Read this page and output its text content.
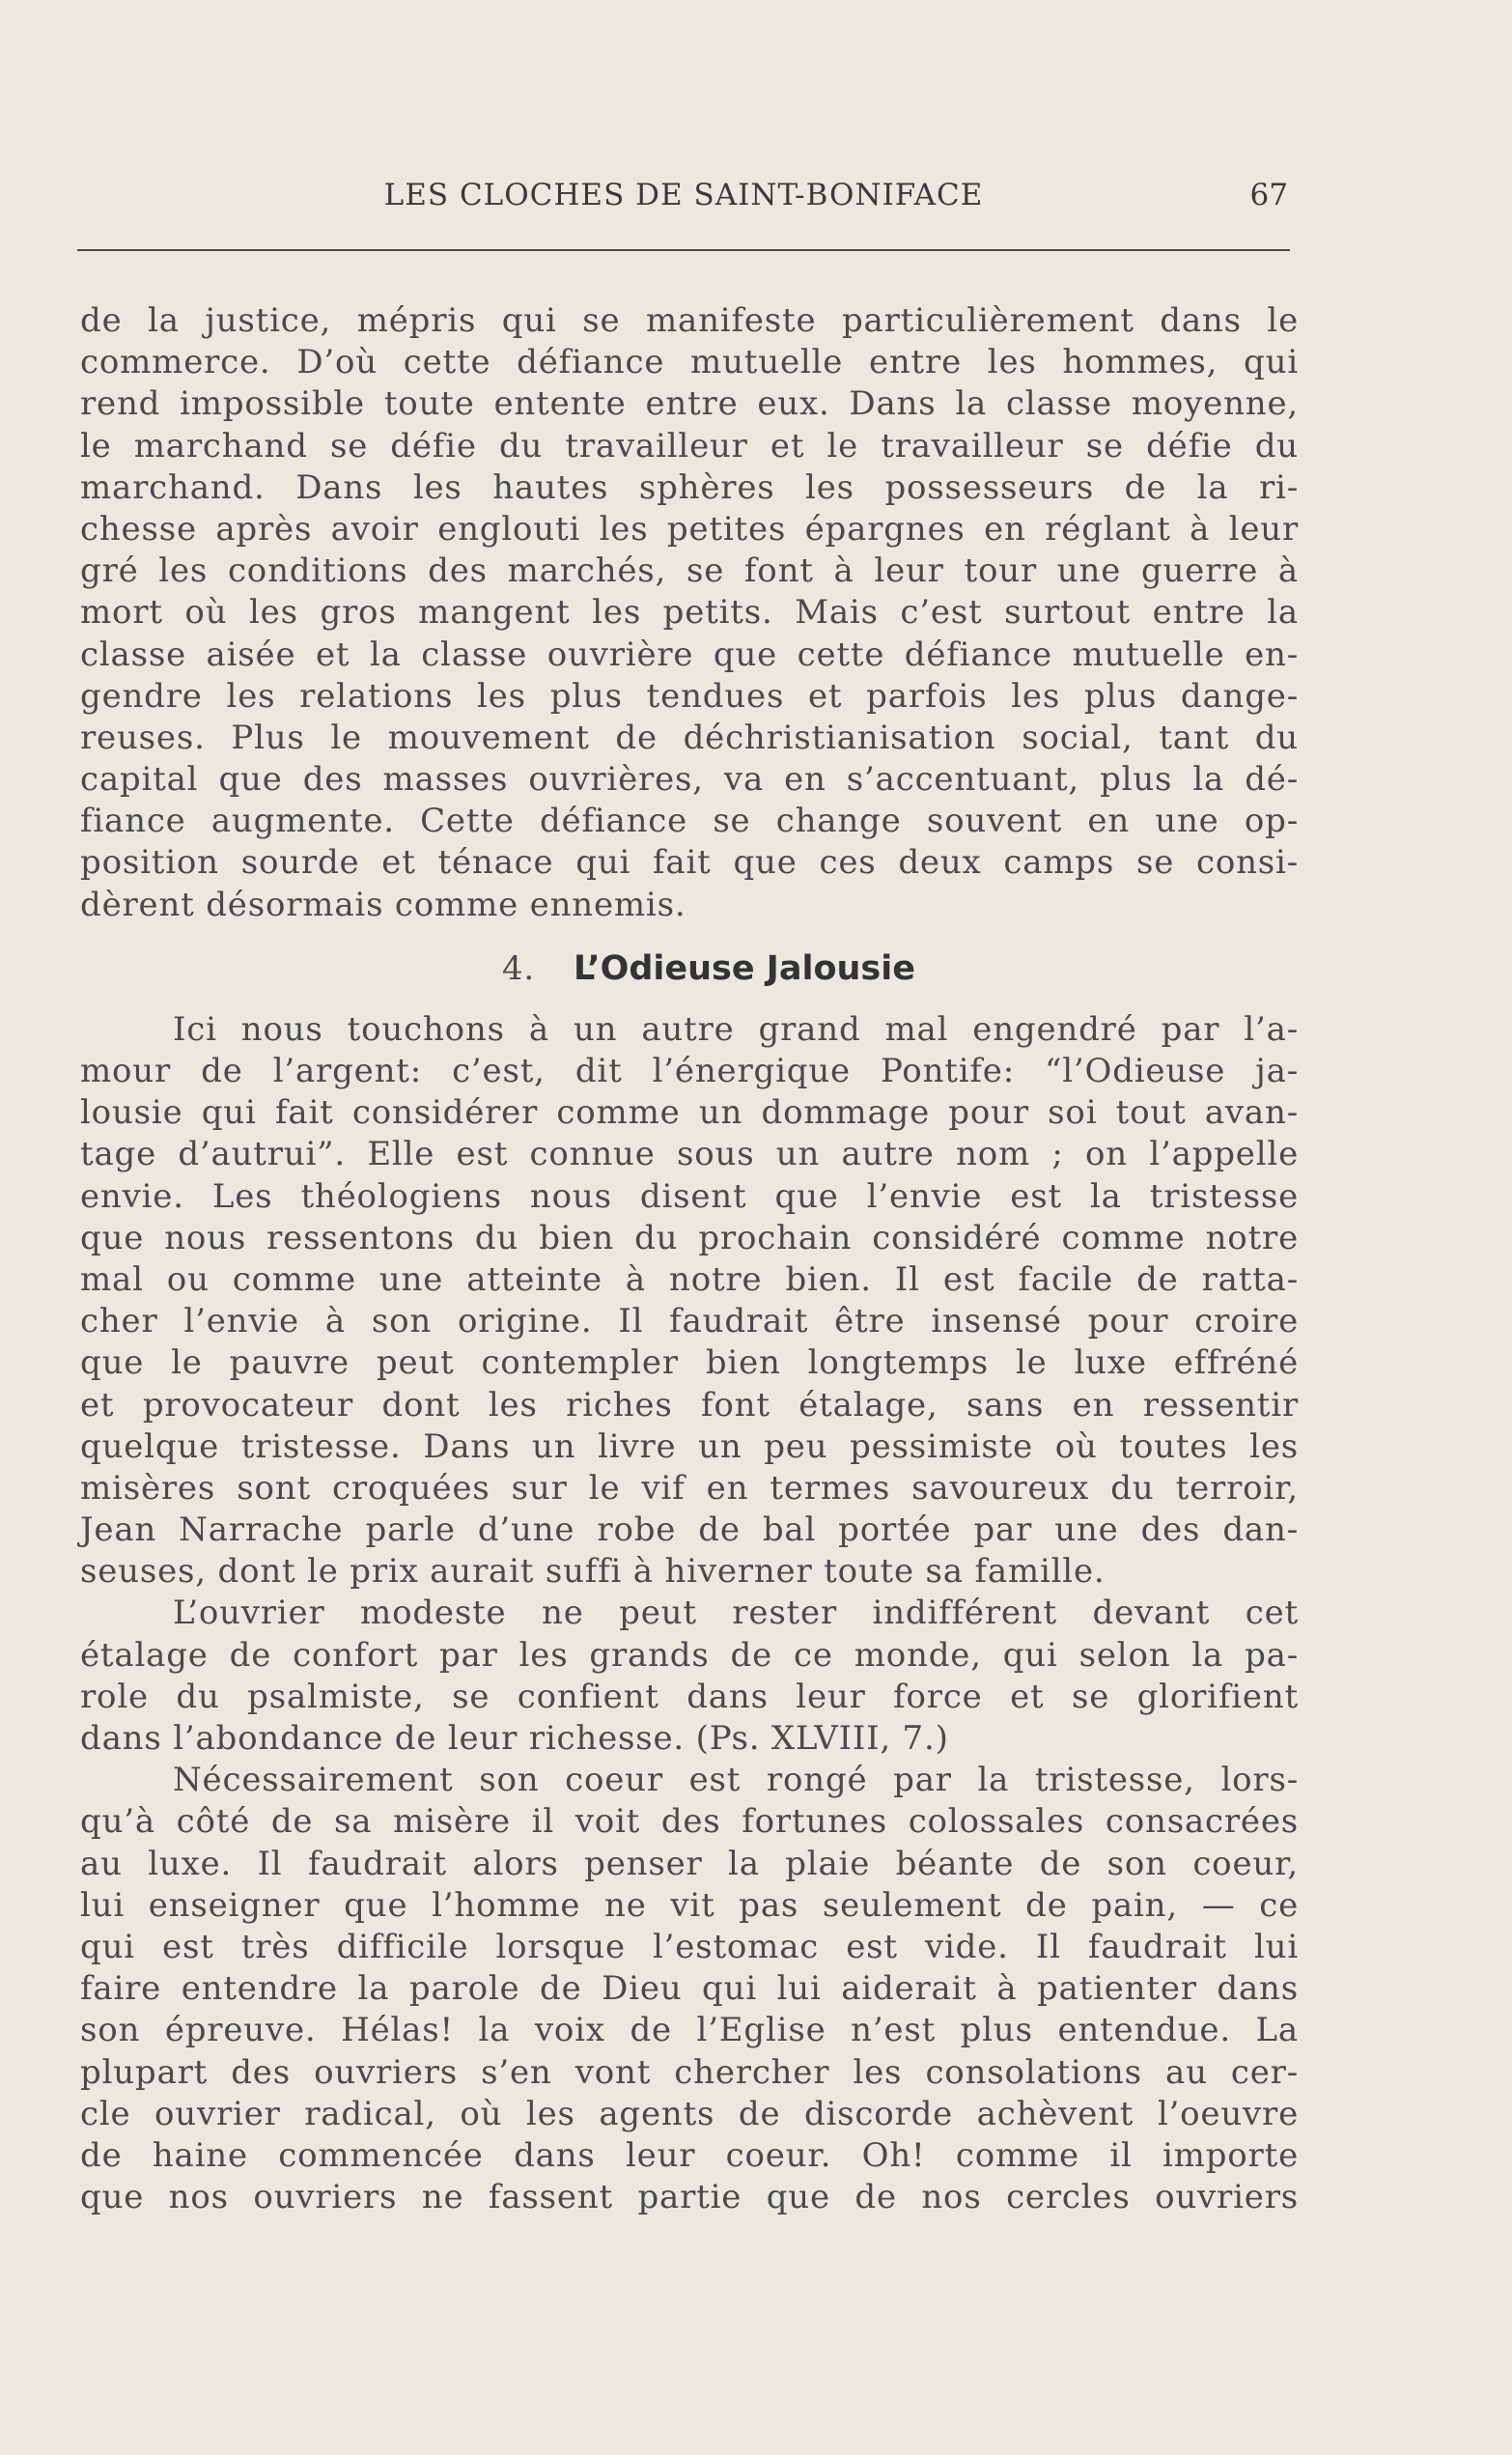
LES CLOCHES DE SAINT-BONIFACE	67
de la justice, mépris qui se manifeste particulièrement dans le
commerce. D’où cette défiance mutuelle entre les hommes, qui
rend impossible toute entente entre eux. Dans la classe moyenne,
le marchand se défie du travailleur et le travailleur se défie du
marchand. Dans les hautes sphères les possesseurs de la ri-
chesse après avoir englouti les petites épargnes en réglant à leur
gré les conditions des marchés, se font à leur tour une guerre à
mort où les gros mangent les petits. Mais c’est surtout entre la
classe aisée et la classe ouvrière que cette défiance mutuelle en-
gendre les relations les plus tendues et parfois les plus dange-
reuses. Plus le mouvement de déchristianisation social, tant du
capital que des masses ouvrières, va en s’accentuant, plus la dé-
fiance augmente. Cette défiance se change souvent en une op-
position sourde et ténace qui fait que ces deux camps se consi-
dèrent désormais comme ennemis.
4. L’Odieuse Jalousie
Ici nous touchons à un autre grand mal engendré par l’a-
mour de l’argent: c’est, dit l’énergique Pontife: “l’Odieuse ja-
lousie qui fait considérer comme un dommage pour soi tout avan-
tage d’autrui”. Elle est connue sous un autre nom ; on l’appelle
envie. Les théologiens nous disent que l’envie est la tristesse
que nous ressentons du bien du prochain considéré comme notre
mal ou comme une atteinte à notre bien. Il est facile de ratta-
cher l’envie à son origine. Il faudrait être insensé pour croire
que le pauvre peut contempler bien longtemps le luxe effréné
et provocateur dont les riches font étalage, sans en ressentir
quelque tristesse. Dans un livre un peu pessimiste où toutes les
misères sont croquées sur le vif en termes savoureux du terroir,
Jean Narrache parle d’une robe de bal portée par une des dan-
seuses, dont le prix aurait suffi à hiverner toute sa famille.
L’ouvrier modeste ne peut rester indifférent devant cet
étalage de confort par les grands de ce monde, qui selon la pa-
role du psalmiste, se confient dans leur force et se glorifient
dans l’abondance de leur richesse. (Ps. XLVIII, 7.)
Nécessairement son coeur est rongé par la tristesse, lors-
qu’à côté de sa misère il voit des fortunes colossales consacrées
au luxe. Il faudrait alors penser la plaie béante de son coeur,
lui enseigner que l’homme ne vit pas seulement de pain, — ce
qui est très difficile lorsque l’estomac est vide. Il faudrait lui
faire entendre la parole de Dieu qui lui aiderait à patienter dans
son épreuve. Hélas! la voix de l’Eglise n’est plus entendue. La
plupart des ouvriers s’en vont chercher les consolations au cer-
cle ouvrier radical, où les agents de discorde achèvent l’oeuvre
de haine commencée dans leur coeur. Oh! comme il importe
que nos ouvriers ne fassent partie que de nos cercles ouvriers
